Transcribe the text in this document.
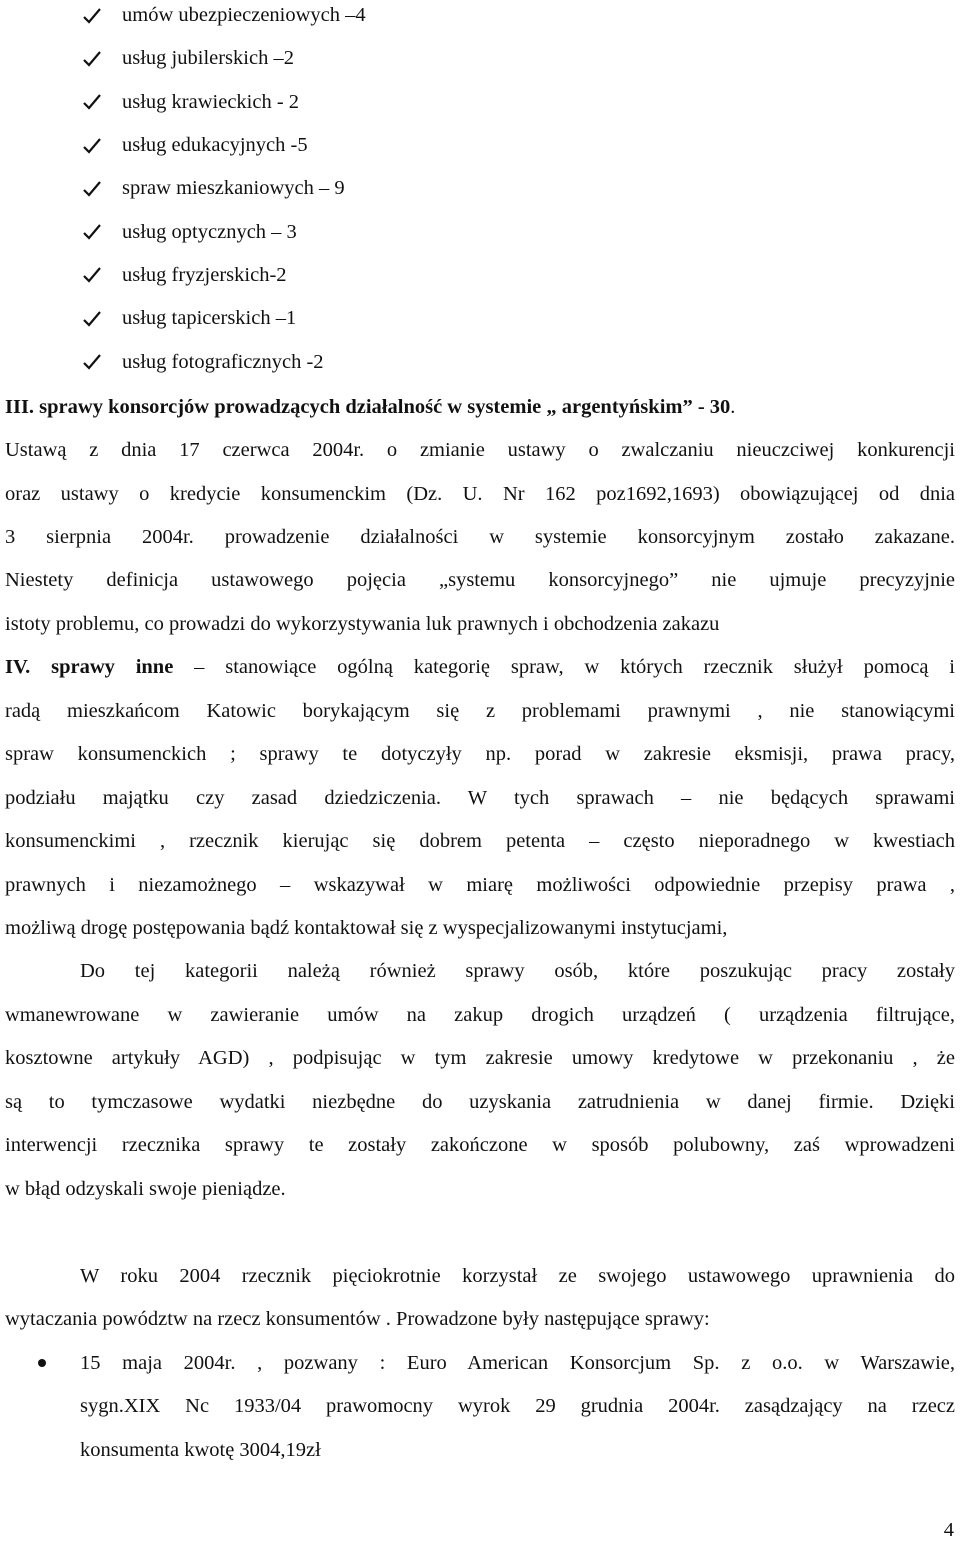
umów ubezpieczeniowych –4
usług jubilerskich –2
usług krawieckich - 2
usług edukacyjnych -5
spraw mieszkaniowych – 9
usług optycznych – 3
usług fryzjerskich-2
usług tapicerskich –1
usług fotograficznych -2
III. sprawy konsorcjów prowadzących działalność w systemie „ argentyńskim” - 30.
Ustawą z dnia 17 czerwca 2004r. o zmianie ustawy o zwalczaniu nieuczciwej konkurencji
oraz ustawy o kredycie konsumenckim (Dz. U. Nr 162 poz1692,1693) obowiązującej od dnia
3 sierpnia 2004r. prowadzenie działalności w systemie konsorcyjnym zostało zakazane.
Niestety definicja ustawowego pojęcia „systemu konsorcyjnego” nie ujmuje precyzyjnie
istoty problemu, co prowadzi do wykorzystywania luk prawnych i obchodzenia zakazu
IV. sprawy inne – stanowiące ogólną kategorię spraw, w których rzecznik służył pomocą i
radą mieszkańcom Katowic borykającym się z problemami prawnymi , nie stanowiącymi
spraw konsumenckich ; sprawy te dotyczyły np. porad w zakresie eksmisji, prawa pracy,
podziału majątku czy zasad dziedziczenia. W tych sprawach – nie będących sprawami
konsumenckimi , rzecznik kierując się dobrem petenta – często nieporadnego w kwestiach
prawnych i niezamożnego – wskazywał w miarę możliwości odpowiednie przepisy prawa ,
możliwą drogę postępowania bądź kontaktował się z wyspecjalizowanymi instytucjami,
Do tej kategorii należą również sprawy osób, które poszukując pracy zostały
wmanewrowane w zawieranie umów na zakup drogich urządzeń ( urządzenia filtrujące,
kosztowne artykuły AGD) , podpisując w tym zakresie umowy kredytowe w przekonaniu , że
są to tymczasowe wydatki niezbędne do uzyskania zatrudnienia w danej firmie. Dzięki
interwencji rzecznika sprawy te zostały zakończone w sposób polubowny, zaś wprowadzeni
w błąd odzyskali swoje pieniądze.
W roku 2004 rzecznik pięciokrotnie korzystał ze swojego ustawowego uprawnienia do
wytaczania powództw na rzecz konsumentów . Prowadzone były następujące sprawy:
15 maja 2004r. , pozwany : Euro American Konsorcjum Sp. z o.o. w Warszawie,
sygn.XIX Nc 1933/04 prawomocny wyrok 29 grudnia 2004r. zasądzający na rzecz
konsumenta kwotę 3004,19zł
4
